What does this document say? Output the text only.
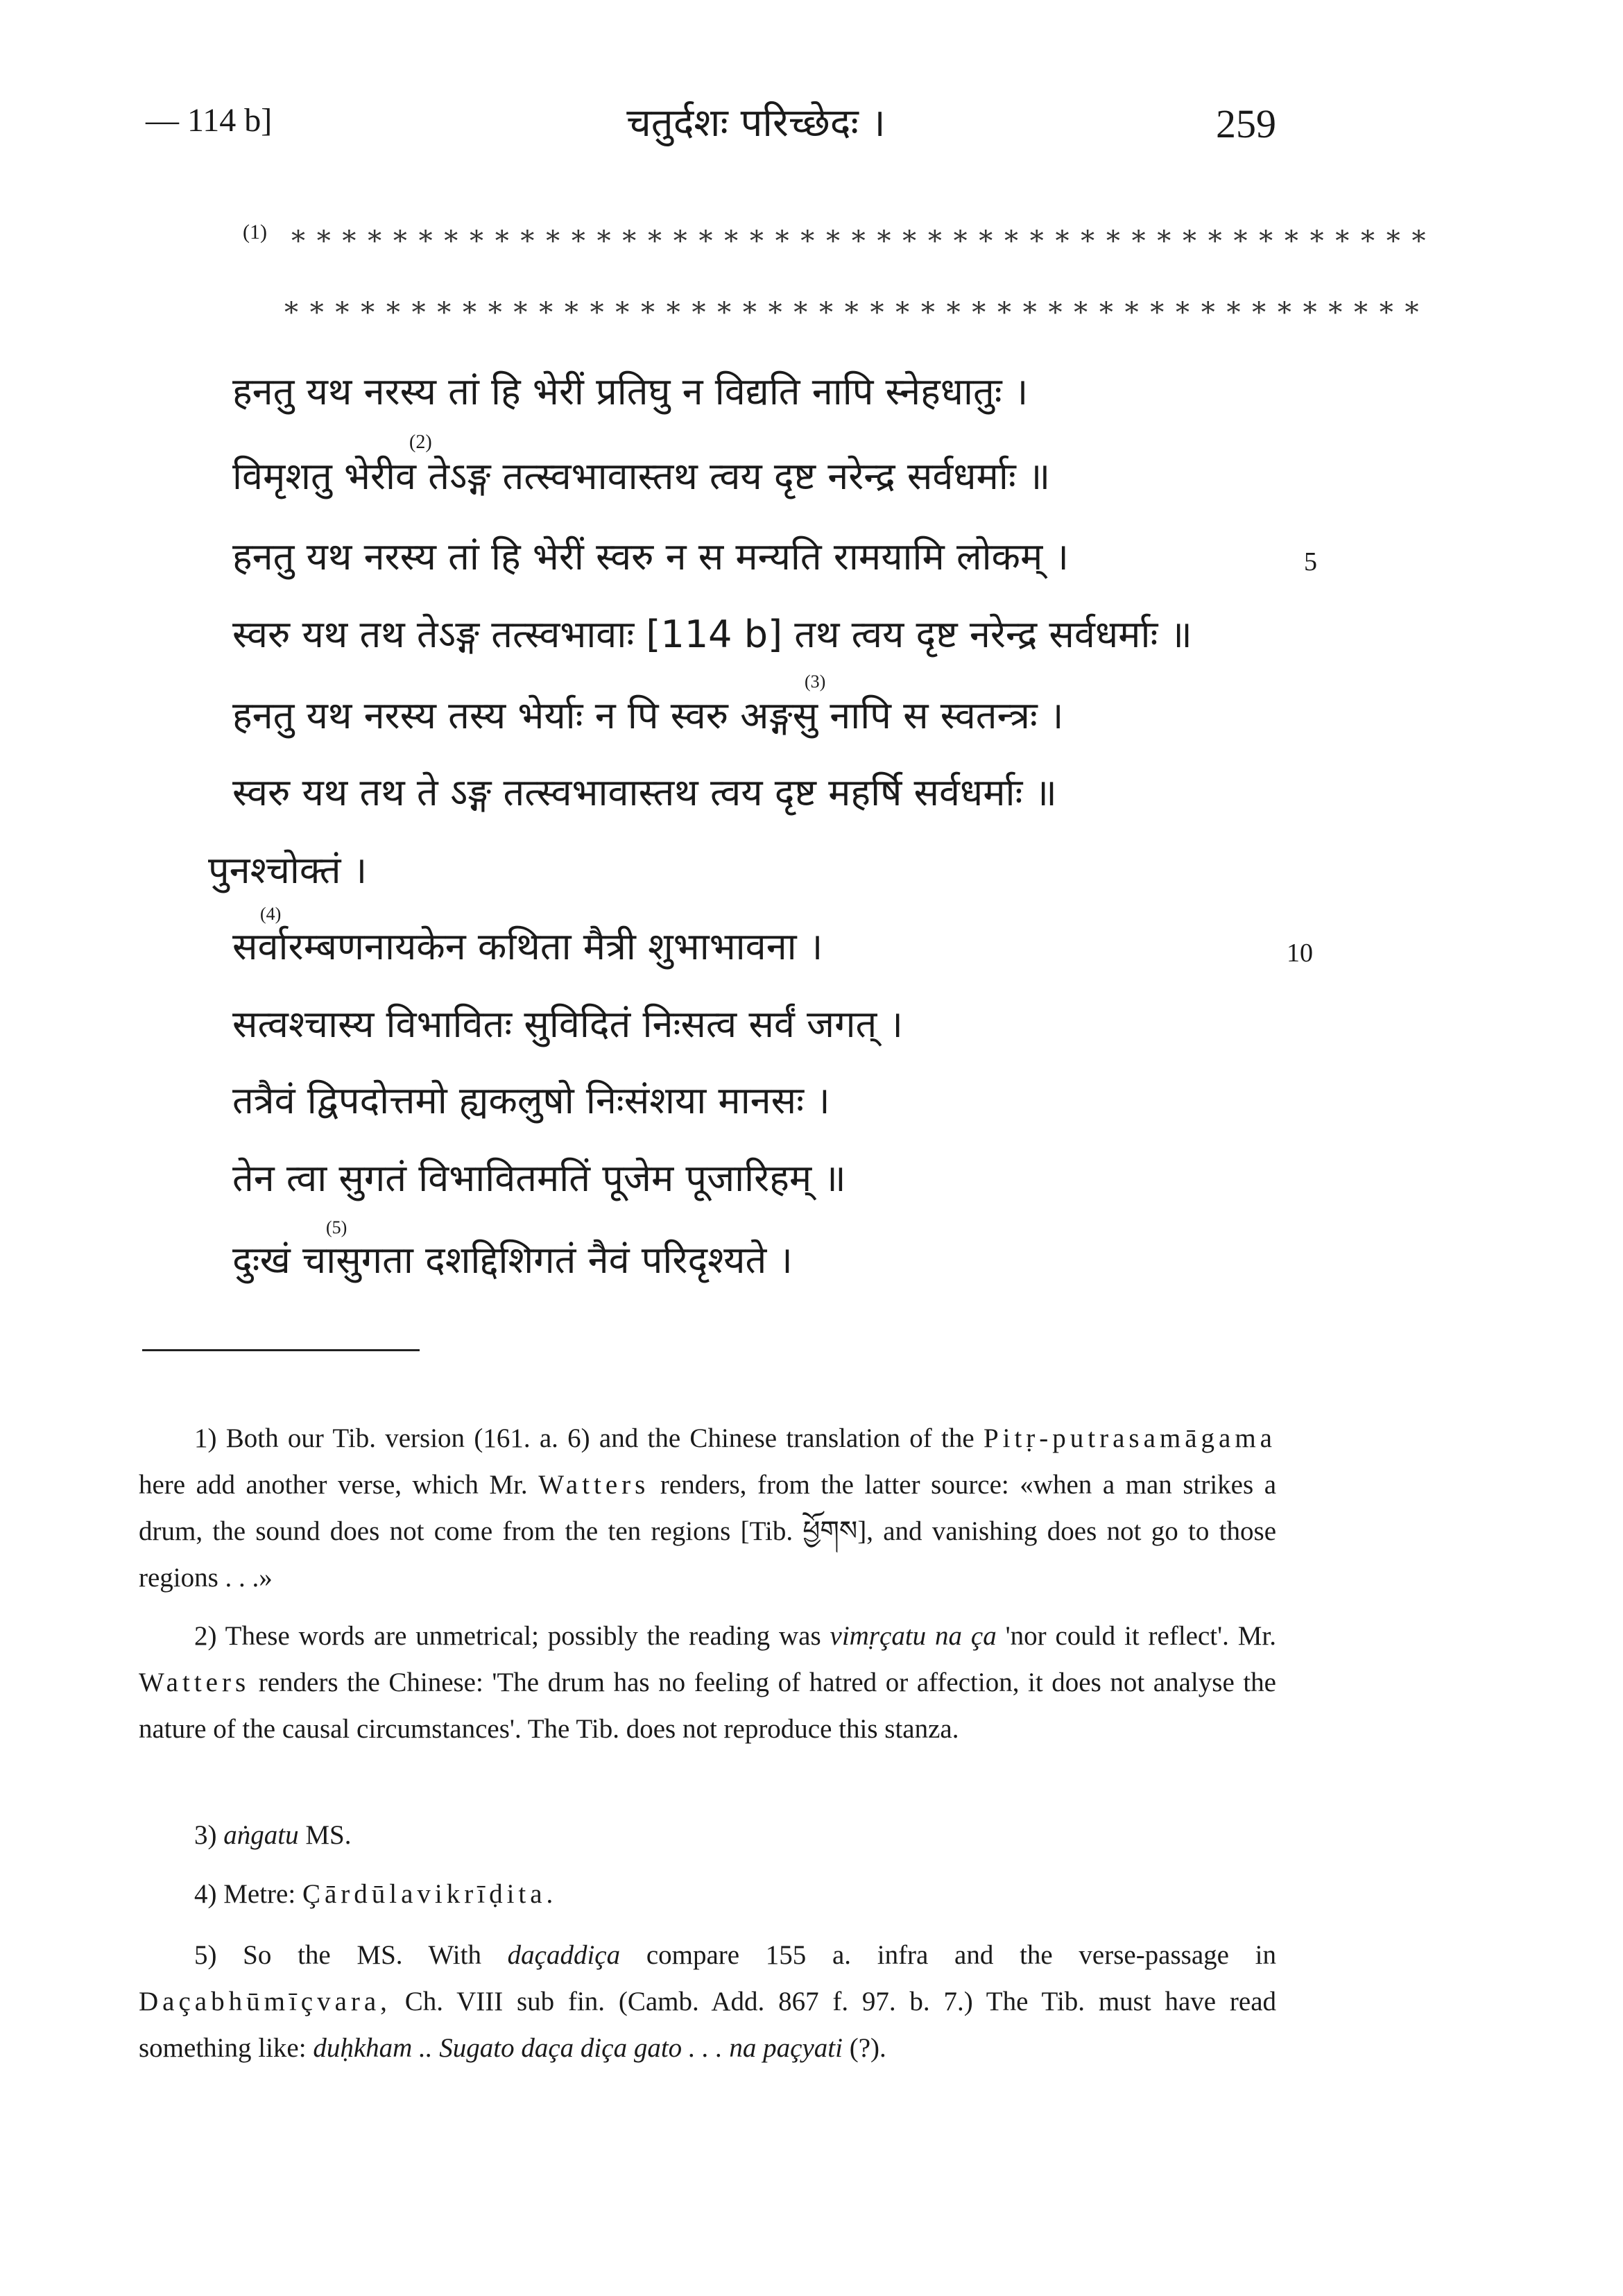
— 114 b]	चतुर्दशः परिच्छेदः ।	259
(1) * * * * * * * * * * * * * * * * * * * * * * * * * * * * * * * * * * * * * * * * * * * * *
* * * * * * * * * * * * * * * * * * * * * * * * * * * * * * * * * * * * * * * * * * * * *
हनतु यथ नरस्य तां हि भेरीं प्रतिघु न विद्यति नापि स्नेहधातुः ।
(2)
विमृशतु भेरीव तेऽङ्ग तत्स्वभावास्तथ त्वय दृष्ट नरेन्द्र सर्वधर्माः ॥
हनतु यथ नरस्य तां हि भेरीं स्वरु न स मन्यति रामयामि लोकम् ।	5
स्वरु यथ तथ तेऽङ्ग तत्स्वभावाः [114 b] तथ त्वय दृष्ट नरेन्द्र सर्वधर्माः ॥
(3)
हनतु यथ नरस्य तस्य भेर्याः न पि स्वरु अङ्गसु नापि स स्वतन्त्रः ।
स्वरु यथ तथ ते ऽङ्ग तत्स्वभावास्तथ त्वय दृष्ट महर्षि सर्वधर्माः ॥
पुनश्चोक्तं ।
(4)
सर्वारम्बणनायकेन कथिता मैत्री शुभाभावना ।	10
सत्वश्चास्य विभावितः सुविदितं निःसत्व सर्वं जगत् ।
तत्रैवं द्विपदोत्तमो ह्यकलुषो निःसंशया मानसः ।
तेन त्वा सुगतं विभावितमतिं पूजेम पूजारिहम् ॥
(5)
दुःखं चासुगता दशद्दिशिगतं नैवं परिदृश्यते ।
1) Both our Tib. version (161. a. 6) and the Chinese translation of the Pitṛ-putrasamāgama here add another verse, which Mr. Watters renders, from the latter source: «when a man strikes a drum, the sound does not come from the ten regions [Tib. ཕྱོགས], and vanishing does not go to those regions . . .»
2) These words are unmetrical; possibly the reading was vimṛçatu na ça 'nor could it reflect'. Mr. Watters renders the Chinese: 'The drum has no feeling of hatred or affection, it does not analyse the nature of the causal circumstances'. The Tib. does not reproduce this stanza.
3) aṅgatu MS.
4) Metre: Çārdūlavikrīḍita.
5) So the MS. With daçaddiça compare 155 a. infra and the verse-passage in Daçabhūmīçvara, Ch. VIII sub fin. (Camb. Add. 867 f. 97. b. 7.) The Tib. must have read something like: duḥkham .. Sugato daça diça gato . . . na paçyati (?).
